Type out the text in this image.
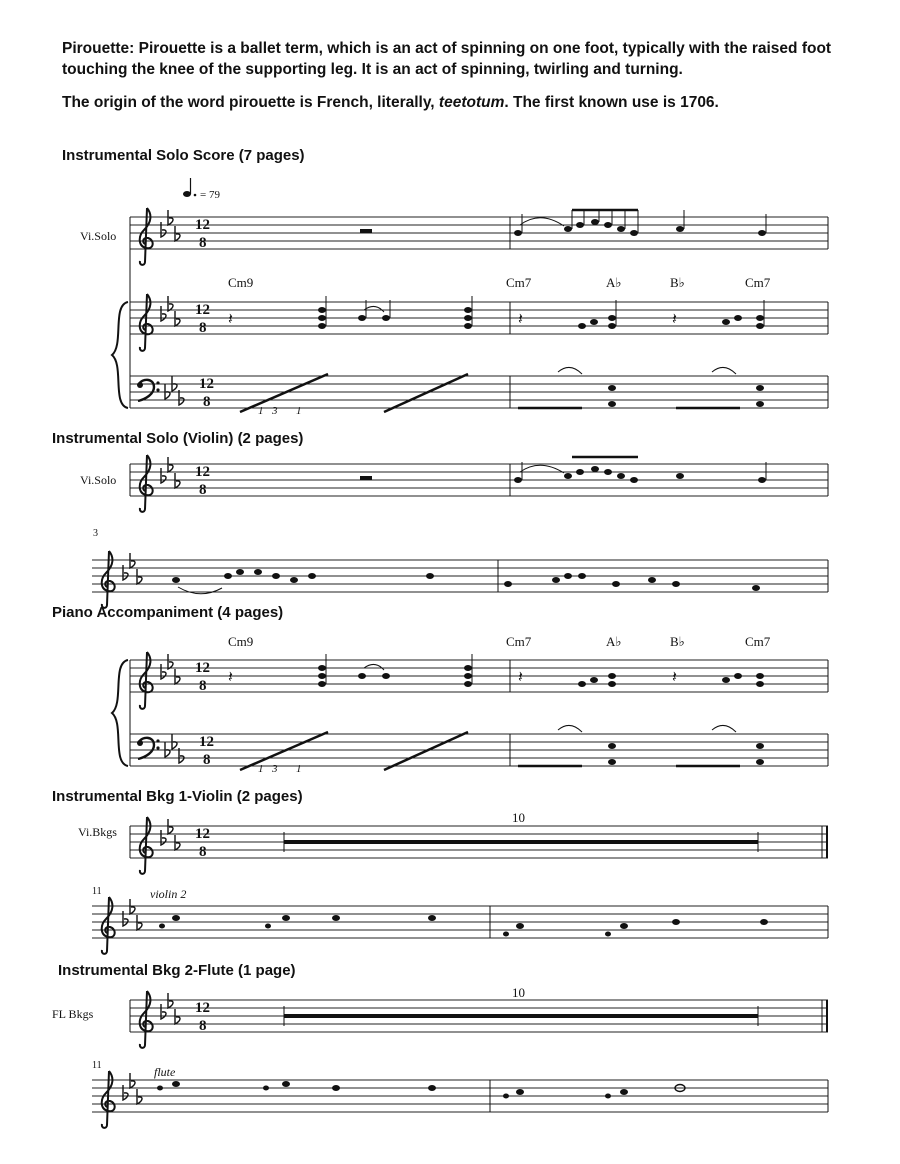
Pirouette: Pirouette is a ballet term, which is an act of spinning on one foot, typically with the raised foot touching the knee of the supporting leg. It is an act of spinning, twirling and turning.

The origin of the word pirouette is French, literally, teetotum. The first known use is 1706.

Instrumental Solo Score (7 pages)
Instrumental Solo (Violin) (2 pages)
Piano Accompaniment (4 pages)
Instrumental Bkg 1-Violin (2 pages)
Instrumental Bkg 2-Flute (1 page)
= 79
Vi.Solo
12
8
Cm9	Cm7	A♭	B♭	Cm7
12
8 𝄽	𝄽	𝄽
12
8
1 3 1
Vi.Solo	12
8
3
Cm9	Cm7	A♭	B♭	Cm7
12
8 𝄽	𝄽	𝄽
12
8
1 3 1
Vi.Bkgs
10
12
8
11	violin 2
FL Bkgs
10
12
8
11	flute
